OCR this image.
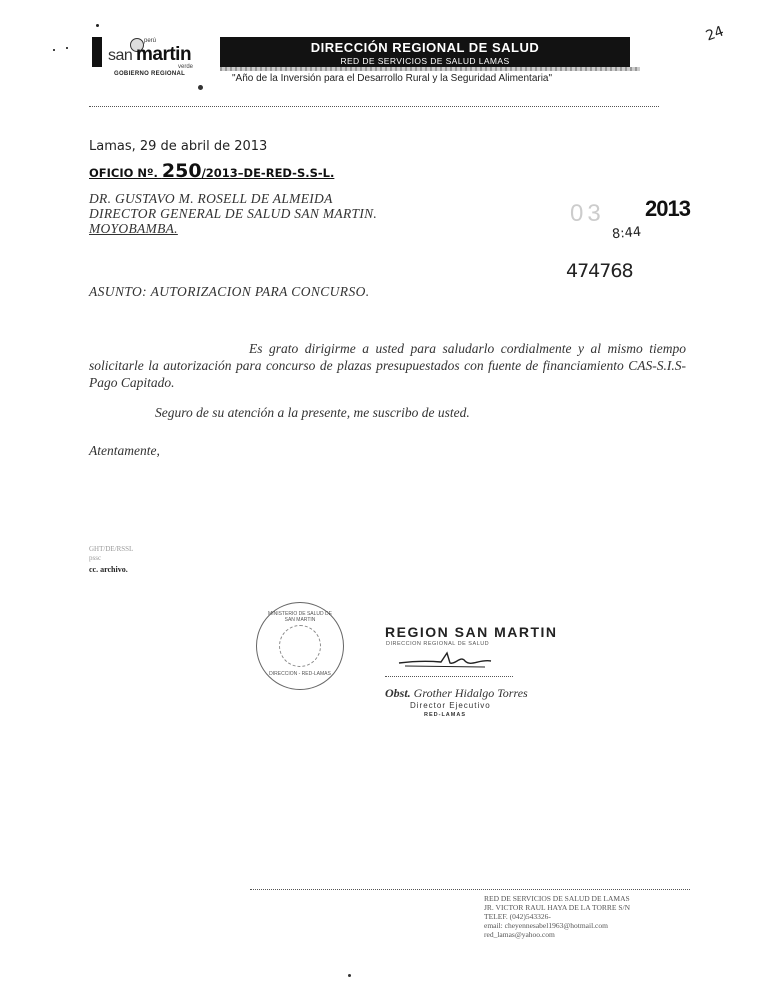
24
perú
san martin
verde
GOBIERNO REGIONAL
DIRECCIÓN REGIONAL DE SALUD
RED DE SERVICIOS DE SALUD LAMAS
"Año de la Inversión para el Desarrollo Rural y la Seguridad Alimentaria"
Lamas, 29 de abril de 2013
OFICIO Nº. 250/2013–DE-RED-S.S-L.
DR. GUSTAVO M. ROSELL DE ALMEIDA
DIRECTOR GENERAL DE SALUD SAN MARTIN.
MOYOBAMBA.
03 2013
8:44
474768
ASUNTO: AUTORIZACION PARA CONCURSO.
Es grato dirigirme a usted para saludarlo cordialmente y al mismo tiempo solicitarle la autorización para concurso de plazas presupuestados con fuente de financiamiento CAS-S.I.S- Pago Capitado.
Seguro de su atención a la presente, me suscribo de usted.
Atentamente,
GHT/DE/RSSL
pssc
cc. archivo.
MINISTERIO DE SALUD DE SAN MARTIN
DIRECCION - RED-LAMAS
REGION SAN MARTIN
DIRECCION REGIONAL DE SALUD
Obst. Grother Hidalgo Torres
Director Ejecutivo
RED-LAMAS
RED DE SERVICIOS DE SALUD DE LAMAS
JR. VICTOR RAUL HAYA DE LA TORRE S/N
TELEF. (042)543326-
email: cheyennesabel1963@hotmail.com
red_lamas@yahoo.com
